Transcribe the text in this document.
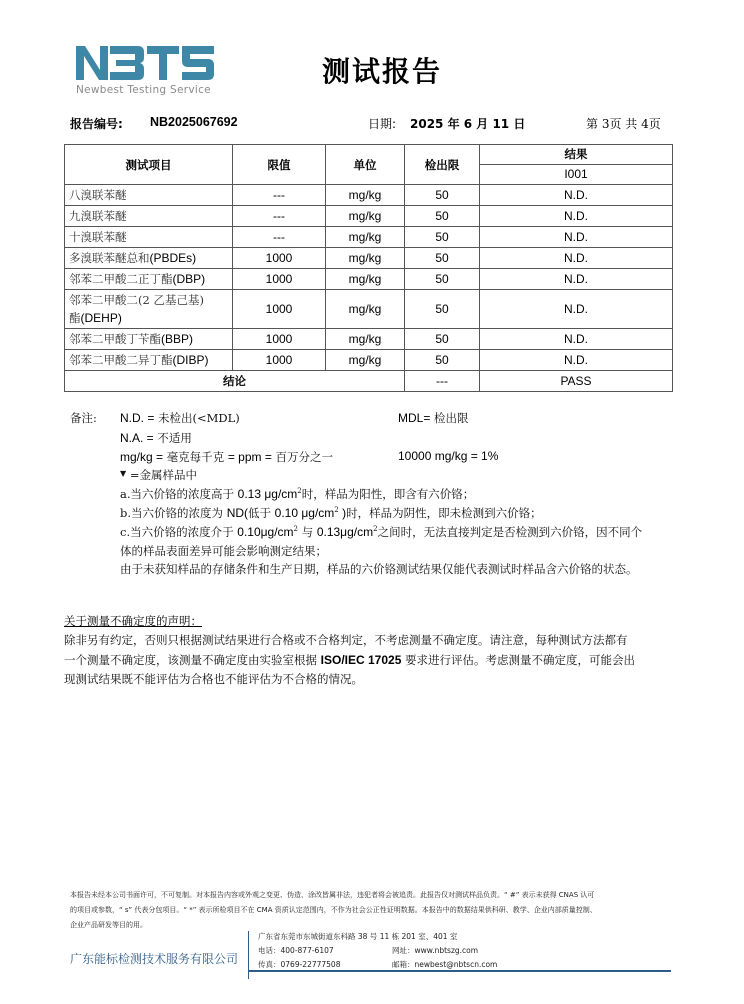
Newbest Testing Service
测试报告
报告编号: NB2025067692	日期: 2025 年 6 月 11 日	第 3页 共 4页
测试项目	限值	单位	检出限	结果
				I001
八溴联苯醚	---	mg/kg	50	N.D.
九溴联苯醚	---	mg/kg	50	N.D.
十溴联苯醚	---	mg/kg	50	N.D.
多溴联苯醚总和(PBDEs)	1000	mg/kg	50	N.D.
邻苯二甲酸二正丁酯(DBP)	1000	mg/kg	50	N.D.
邻苯二甲酸二(2 乙基己基)
酯(DEHP)	1000	mg/kg	50	N.D.
邻苯二甲酸丁苄酯(BBP)	1000	mg/kg	50	N.D.
邻苯二甲酸二异丁酯(DIBP)	1000	mg/kg	50	N.D.
结论			---	PASS
备注: N.D. = 未检出(<MDL)	MDL= 检出限
N.A. = 不适用
mg/kg = 毫克每千克 = ppm = 百万分之一	10000 mg/kg = 1%
▼ =金属样品中
a.当六价铬的浓度高于 0.13 $\mu g/cm^2$时，样品为阳性，即含有六价铬；
b.当六价铬的浓度为 ND(低于 0.10 $\mu g/cm^2$ )时，样品为阴性，即未检测到六价铬；
c.当六价铬的浓度介于 $0.10\mu g/cm^2$ 与 $0.13\mu g/cm^2$之间时，无法直接判定是否检测到六价铬，因不同个
体的样品表面差异可能会影响测定结果；
由于未获知样品的存储条件和生产日期，样品的六价铬测试结果仅能代表测试时样品含六价铬的状态。
关于测量不确定度的声明：
除非另有约定，否则只根据测试结果进行合格或不合格判定，不考虑测量不确定度。请注意，每种测试方法都有
一个测量不确定度，该测量不确定度由实验室根据 ISO/IEC 17025 要求进行评估。考虑测量不确定度，可能会出
现测试结果既不能评估为合格也不能评估为不合格的情况。
本报告未经本公司书面许可，不可复制。对本报告内容或外观之变更、伪造、涂改皆属非法，违犯者将会被追责。此报告仅对测试样品负责。“ #” 表示未获得 CNAS 认可
的项目或参数，“ s” 代表分包项目。“ *” 表示所检项目不在 CMA 资质认定范围内，不作为社会公正性证明数据。本报告中的数据结果供科研、教学、企业内部质量控制、
企业产品研发等目的用。
广东能标检测技术服务有限公司
广东省东莞市东城街道东科路 38 号 11 栋 201 室、401 室
电话：400-877-6107
传真：0769-22777508
网址：www.nbtszg.com
邮箱：newbest@nbtscn.com
